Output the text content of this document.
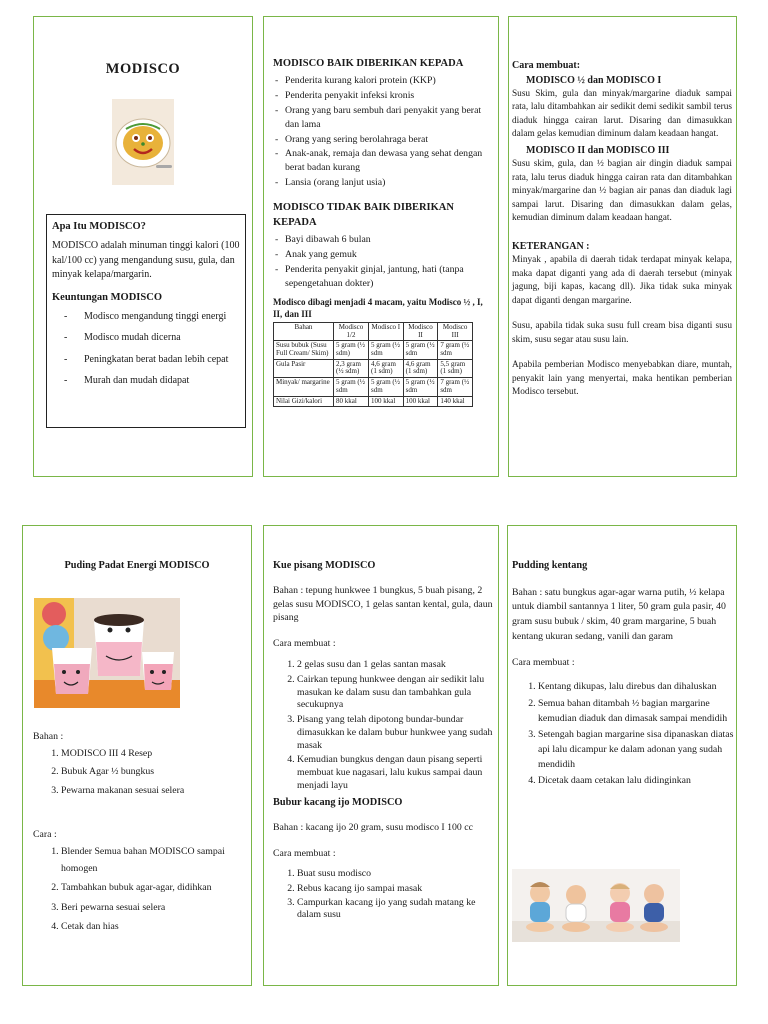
MODISCO
Apa Itu MODISCO?

MODISCO adalah minuman tinggi kalori (100 kal/100 cc) yang mengandung susu, gula, dan minyak kelapa/margarin.

Keuntungan MODISCO
- Modisco mengandung tinggi energi
- Modisco mudah dicerna
- Peningkatan berat badan lebih cepat
- Murah dan mudah didapat
MODISCO BAIK DIBERIKAN KEPADA
- Penderita kurang kalori protein (KKP)
- Penderita penyakit infeksi kronis
- Orang yang baru sembuh dari penyakit yang berat dan lama
- Orang yang sering berolahraga berat
- Anak-anak, remaja dan dewasa yang sehat dengan berat badan kurang
- Lansia (orang lanjut usia)
MODISCO TIDAK BAIK DIBERIKAN KEPADA
- Bayi dibawah 6 bulan
- Anak yang gemuk
- Penderita penyakit ginjal, jantung, hati (tanpa sepengetahuan dokter)
Modisco dibagi menjadi 4 macam, yaitu Modisco ½ , I, II, dan III
Bahan	Modisco 1/2	Modisco I	Modisco II	Modisco III
Susu bubuk (Susu Full Cream/ Skim)	5 gram (½ sdm)	5 gram (½ sdm	5 gram (½ sdm	7 gram (½ sdm
Gula Pasir	2,3 gram (½ sdm)	4,6 gram (1 sdm)	4,6 gram (1 sdm)	5,5 gram (1 sdm)
Minyak/ margarine	5 gram (½ sdm	5 gram (½ sdm	5 gram (½ sdm	7 gram (½ sdm
Nilai Gizi/kalori	80 kkal	100 kkal	100 kkal	140 kkal
Cara membuat:
MODISCO ½ dan MODISCO I

Susu Skim, gula dan minyak/margarine diaduk sampai rata, lalu ditambahkan air sedikit demi sedikit sambil terus diaduk hingga cairan larut. Disaring dan dimasukkan dalam gelas kemudian diminum dalam keadaan hangat.

MODISCO II dan MODISCO III

Susu skim, gula, dan ½ bagian air dingin diaduk sampai rata, lalu terus diaduk hingga cairan rata dan ditambahkan minyak/margarine dan ½ bagian air panas dan diaduk lagi sampai larut. Disaring dan dimasukkan dalam gelas, kemudian diminum dalam keadaan hangat.

KETERANGAN :

Minyak , apabila di daerah tidak terdapat minyak kelapa, maka dapat diganti yang ada di daerah tersebut (minyak jagung, biji kapas, kacang dll). Jika tidak suka minyak dapat diganti dengan margarine.

Susu, apabila tidak suka susu full cream bisa diganti susu skim, susu segar atau susu lain.

Apabila pemberian Modisco menyebabkan diare, muntah, penyakit lain yang menyertai, maka hentikan pemberian Modisco tersebut.

Puding Padat Energi MODISCO
Bahan :
1. MODISCO III 4 Resep
2. Bubuk Agar ½ bungkus
3. Pewarna makanan sesuai selera
Cara :
1. Blender Semua bahan MODISCO sampai homogen
2. Tambahkan bubuk agar-agar, didihkan
3. Beri pewarna sesuai selera
4. Cetak dan hias
Kue pisang MODISCO

Bahan : tepung hunkwee 1 bungkus, 5 buah pisang, 2 gelas susu MODISCO, 1 gelas santan kental, gula, daun pisang

Cara membuat :

1. 2 gelas susu dan 1 gelas santan masak
2. Cairkan tepung hunkwee dengan air sedikit lalu masukan ke dalam susu dan tambahkan gula secukupnya
3. Pisang yang telah dipotong bundar-bundar dimasukkan ke dalam bubur hunkwee yang sudah masak
4. Kemudian bungkus dengan daun pisang seperti membuat kue nagasari, lalu kukus sampai daun menjadi layu
Bubur kacang ijo MODISCO

Bahan : kacang ijo 20 gram, susu modisco I 100 cc

Cara membuat :

1. Buat susu modisco
2. Rebus kacang ijo sampai masak
3. Campurkan kacang ijo yang sudah matang ke dalam susu
Pudding kentang

Bahan : satu bungkus agar-agar warna putih, ½ kelapa untuk diambil santannya 1 liter, 50 gram gula pasir, 40 gram susu bubuk / skim, 40 gram margarine, 5 buah kentang ukuran sedang, vanili dan garam

Cara membuat :

1. Kentang dikupas, lalu direbus dan dihaluskan
2. Semua bahan ditambah ½ bagian margarine kemudian diaduk dan dimasak sampai mendidih
3. Setengah bagian margarine sisa dipanaskan diatas api lalu dicampur ke dalam adonan yang sudah mendidih
4. Dicetak daam cetakan lalu didinginkan
